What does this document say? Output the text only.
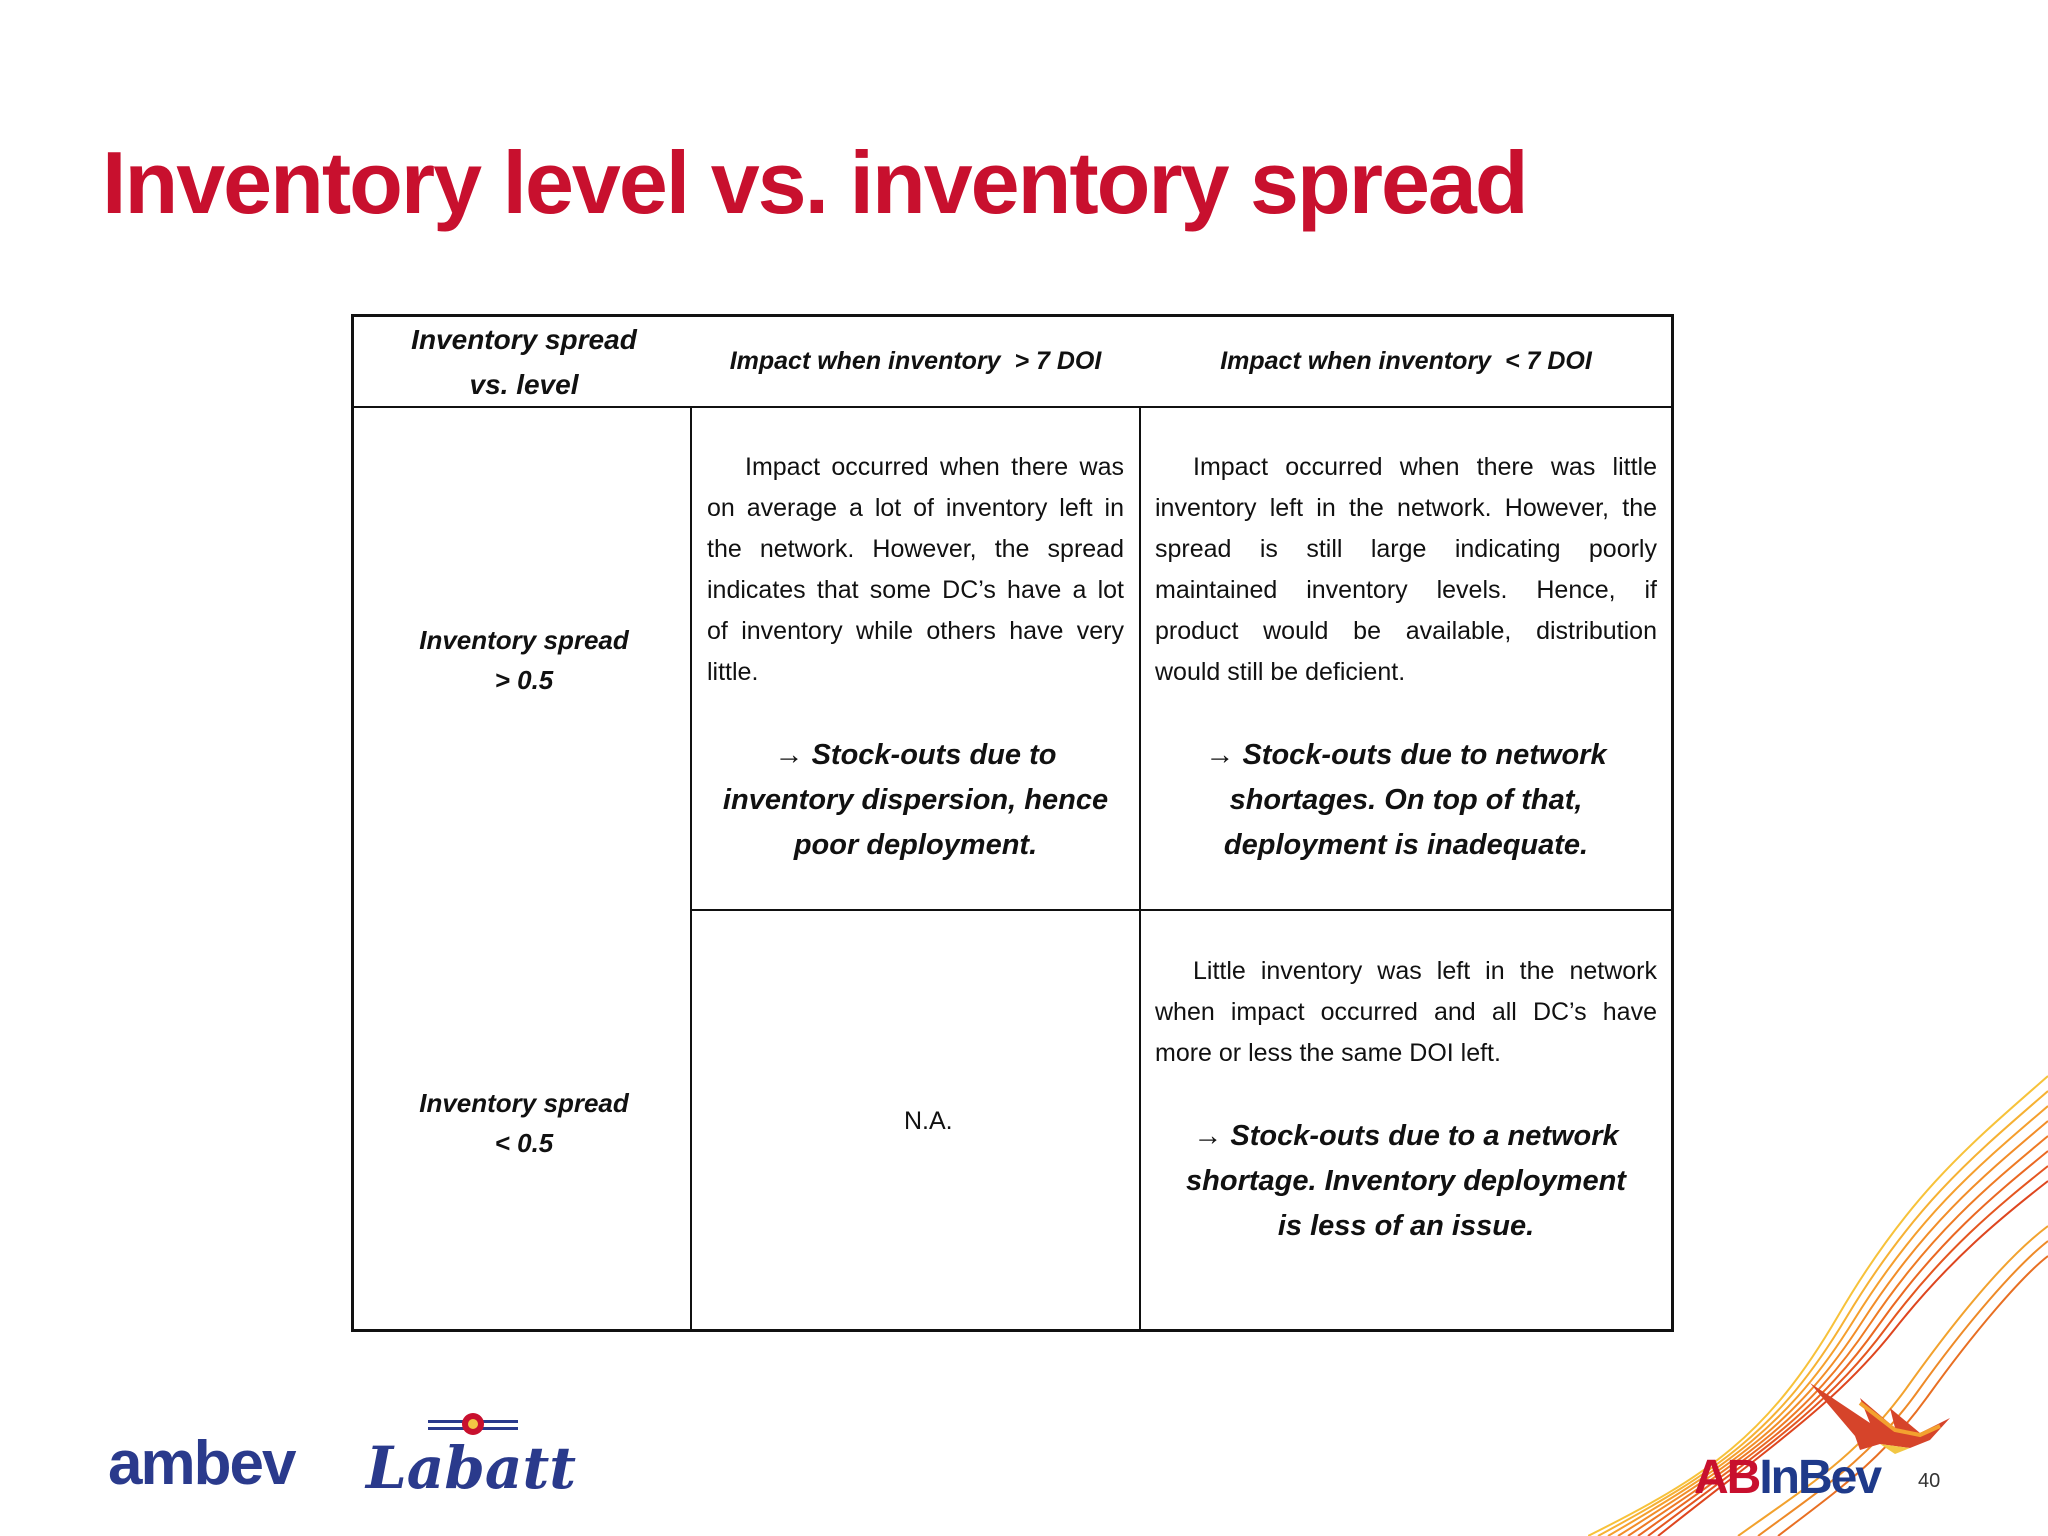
Inventory level vs. inventory spread
Inventory spread vs. level
Impact when inventory  > 7 DOI	Impact when inventory  < 7 DOI
Inventory spread > 0.5

Impact occurred when there was on average a lot of inventory left in the network. However, the spread indicates that some DC’s have a lot of inventory while others have very little.

→ Stock-outs due to inventory dispersion, hence poor deployment.

Impact occurred when there was little inventory left in the network. However, the spread is still large indicating poorly maintained inventory levels. Hence, if product would be available, distribution would still be deficient.

→ Stock-outs due to network shortages. On top of that, deployment is inadequate.
Inventory spread < 0.5
N.A.

Little inventory was left in the network when impact occurred and all DC’s have more or less the same DOI left.

→ Stock-outs due to a network shortage. Inventory deployment is less of an issue.
ambev Labatt	ABInBev 40
